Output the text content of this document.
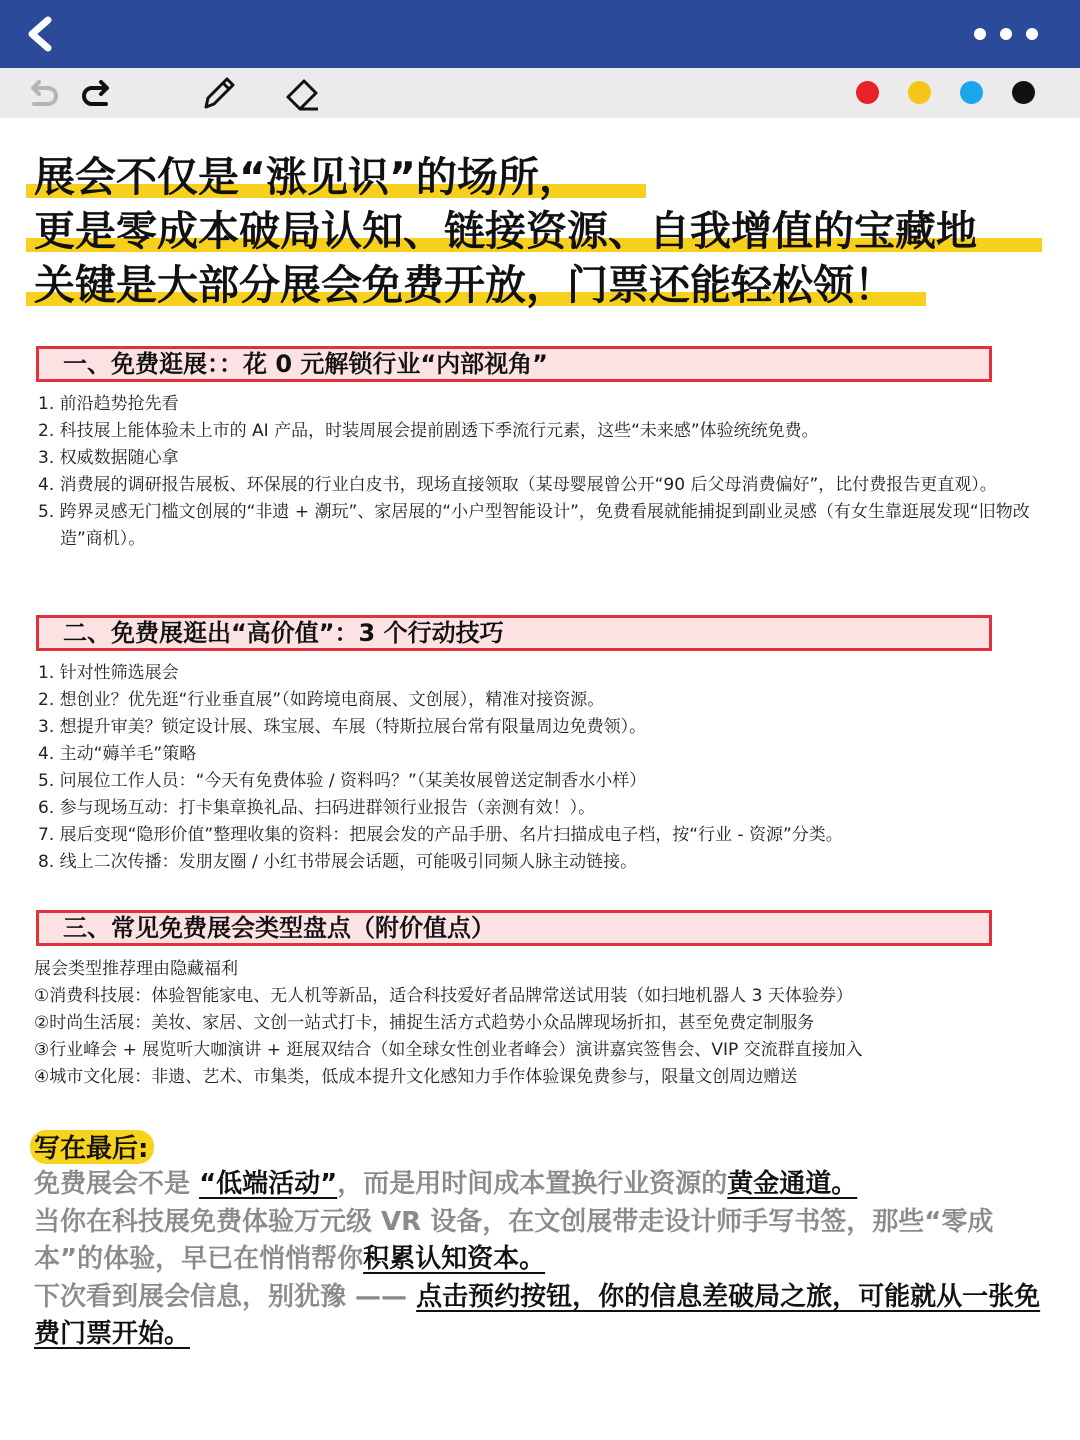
展会不仅是“涨见识”的场所，
更是零成本破局认知、链接资源、自我增值的宝藏地
关键是大部分展会免费开放，门票还能轻松领！
一、免费逛展：：花 0 元解锁行业“内部视角”
1. 前沿趋势抢先看
2. 科技展上能体验未上市的 AI 产品，时装周展会提前剧透下季流行元素，这些“未来感”体验统统免费。
3. 权威数据随心拿
4. 消费展的调研报告展板、环保展的行业白皮书，现场直接领取（某母婴展曾公开“90 后父母消费偏好”，比付费报告更直观）。
5. 跨界灵感无门槛文创展的“非遗 + 潮玩”、家居展的“小户型智能设计”，免费看展就能捕捉到副业灵感（有女生靠逛展发现“旧物改造”商机）。
二、免费展逛出“高价值”：3 个行动技巧
1. 针对性筛选展会
2. 想创业？优先逛“行业垂直展”（如跨境电商展、文创展），精准对接资源。
3. 想提升审美？锁定设计展、珠宝展、车展（特斯拉展台常有限量周边免费领）。
4. 主动“薅羊毛”策略
5. 问展位工作人员：“今天有免费体验 / 资料吗？”（某美妆展曾送定制香水小样）
6. 参与现场互动：打卡集章换礼品、扫码进群领行业报告（亲测有效！）。
7. 展后变现“隐形价值”整理收集的资料：把展会发的产品手册、名片扫描成电子档，按“行业 - 资源”分类。
8. 线上二次传播：发朋友圈 / 小红书带展会话题，可能吸引同频人脉主动链接。
三、常见免费展会类型盘点（附价值点）
展会类型推荐理由隐藏福利
①消费科技展：体验智能家电、无人机等新品，适合科技爱好者品牌常送试用装（如扫地机器人 3 天体验券）
②时尚生活展：美妆、家居、文创一站式打卡，捕捉生活方式趋势小众品牌现场折扣，甚至免费定制服务
③行业峰会 + 展览听大咖演讲 + 逛展双结合（如全球女性创业者峰会）演讲嘉宾签售会、VIP 交流群直接加入
④城市文化展：非遗、艺术、市集类，低成本提升文化感知力手作体验课免费参与，限量文创周边赠送
写在最后:
免费展会不是 “低端活动”，而是用时间成本置换行业资源的黄金通道。
当你在科技展免费体验万元级 VR 设备，在文创展带走设计师手写书签，那些“零成本”的体验，早已在悄悄帮你积累认知资本。
下次看到展会信息，别犹豫 —— 点击预约按钮，你的信息差破局之旅，可能就从一张免费门票开始。
